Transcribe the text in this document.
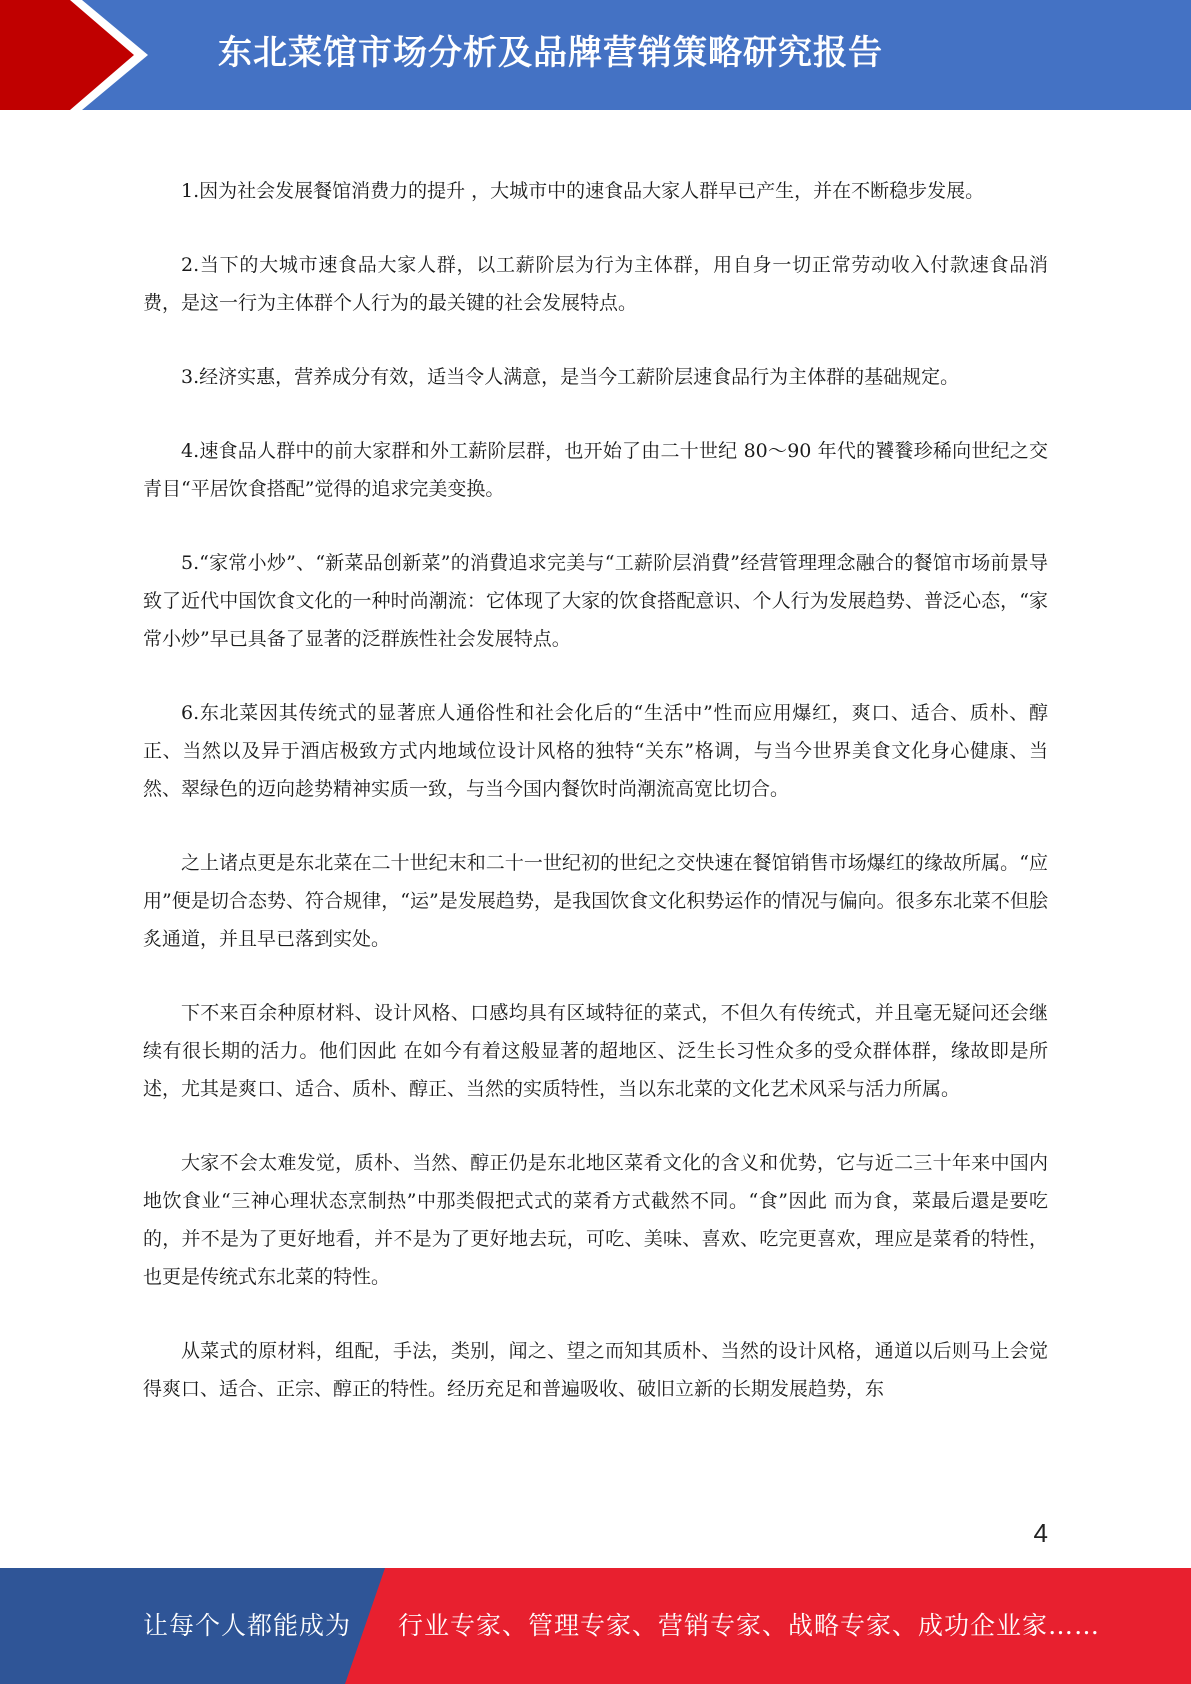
东北菜馆市场分析及品牌营销策略研究报告

1.因为社会发展餐馆消费力的提升 ，大城市中的速食品大家人群早已产生，并在不断稳步发展。

2.当下的大城市速食品大家人群，以工薪阶层为行为主体群，用自身一切正常劳动收入付款速食品消费，是这一行为主体群个人行为的最关键的社会发展特点。

3.经济实惠，营养成分有效，适当令人满意，是当今工薪阶层速食品行为主体群的基础规定。

4.速食品人群中的前大家群和外工薪阶层群，也开始了由二十世纪 80～90 年代的饕餮珍稀向世纪之交青目“平居饮食搭配”觉得的追求完美变换。

5.“家常小炒”、“新菜品创新菜”的消費追求完美与“工薪阶层消費”经营管理理念融合的餐馆市场前景导致了近代中国饮食文化的一种时尚潮流：它体现了大家的饮食搭配意识、个人行为发展趋势、普泛心态，“家常小炒”早已具备了显著的泛群族性社会发展特点。

6.东北菜因其传统式的显著庶人通俗性和社会化后的“生活中”性而应用爆红，爽口、适合、质朴、醇正、当然以及异于酒店极致方式内地域位设计风格的独特“关东”格调，与当今世界美食文化身心健康、当然、翠绿色的迈向趁势精神实质一致，与当今国内餐饮时尚潮流高宽比切合。

之上诸点更是东北菜在二十世纪末和二十一世纪初的世纪之交快速在餐馆销售市场爆红的缘故所属。“应用”便是切合态势、符合规律，“运”是发展趋势，是我国饮食文化积势运作的情况与偏向。很多东北菜不但脍炙通道，并且早已落到实处。

下不来百余种原材料、设计风格、口感均具有区域特征的菜式，不但久有传统式，并且毫无疑问还会继续有很长期的活力。他们因此 在如今有着这般显著的超地区、泛生长习性众多的受众群体群，缘故即是所述，尤其是爽口、适合、质朴、醇正、当然的实质特性，当以东北菜的文化艺术风采与活力所属。

大家不会太难发觉，质朴、当然、醇正仍是东北地区菜肴文化的含义和优势，它与近二三十年来中国内地饮食业“三神心理状态烹制热”中那类假把式式的菜肴方式截然不同。“食”因此 而为食，菜最后還是要吃的，并不是为了更好地看，并不是为了更好地去玩，可吃、美味、喜欢、吃完更喜欢，理应是菜肴的特性，也更是传统式东北菜的特性。

从菜式的原材料，组配，手法，类别，闻之、望之而知其质朴、当然的设计风格，通道以后则马上会觉得爽口、适合、正宗、醇正的特性。经历充足和普遍吸收、破旧立新的长期发展趋势，东

4
让每个人都能成为 行业专家、管理专家、营销专家、战略专家、成功企业家……
